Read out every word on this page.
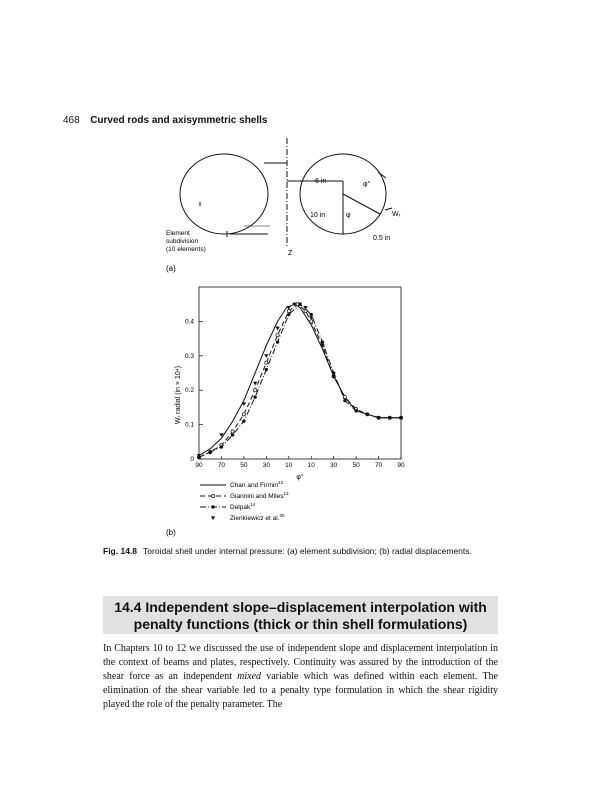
468 Curved rods and axisymmetric shells
6 in	φ°
10 in	φ	Wᵣ
0.5 in
Element
subdivision
(10 elements)
Z
(a)
Wᵣ radial (in × 10⁴)
φ°
90 70 50 30 10 10 30 50 70 90
0
0.1
0.2
0.3
0.4
Chan and Firmin$^{12}$
Giannini and Miles$^{13}$
Delpak$^{14}$
Zienkiewicz et al.$^{30}$
(b)
Fig. 14.8 Toroidal shell under internal pressure: (a) element subdivision; (b) radial displacements.
14.4 Independent slope–displacement interpolation with
penalty functions (thick or thin shell formulations)
In Chapters 10 to 12 we discussed the use of independent slope and displacement interpolation in the context of beams and plates, respectively. Continuity was assured by the introduction of the shear force as an independent mixed variable which was defined within each element. The elimination of the shear variable led to a penalty type formulation in which the shear rigidity played the role of the penalty parameter. The
